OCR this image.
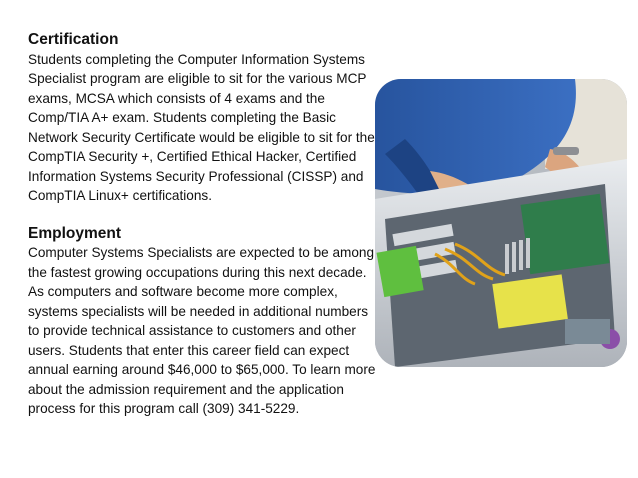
Certification

Students completing the Computer Information Systems Specialist program are eligible to sit for the various MCP exams, MCSA which consists of 4 exams and the Comp/TIA A+ exam. Students completing the Basic Network Security Certificate would be eligible to sit for the CompTIA Security +, Certified Ethical Hacker, Certified Information Systems Security Professional (CISSP) and CompTIA Linux+ certifications.

Employment

Computer Systems Specialists are expected to be among the fastest growing occupations during this next decade. As computers and software become more complex, systems specialists will be needed in additional numbers to provide technical assistance to customers and other users. Students that enter this career field can expect annual earning around $46,000 to $65,000. To learn more about the admission requirement and the application process for this program call (309) 341-5229.
